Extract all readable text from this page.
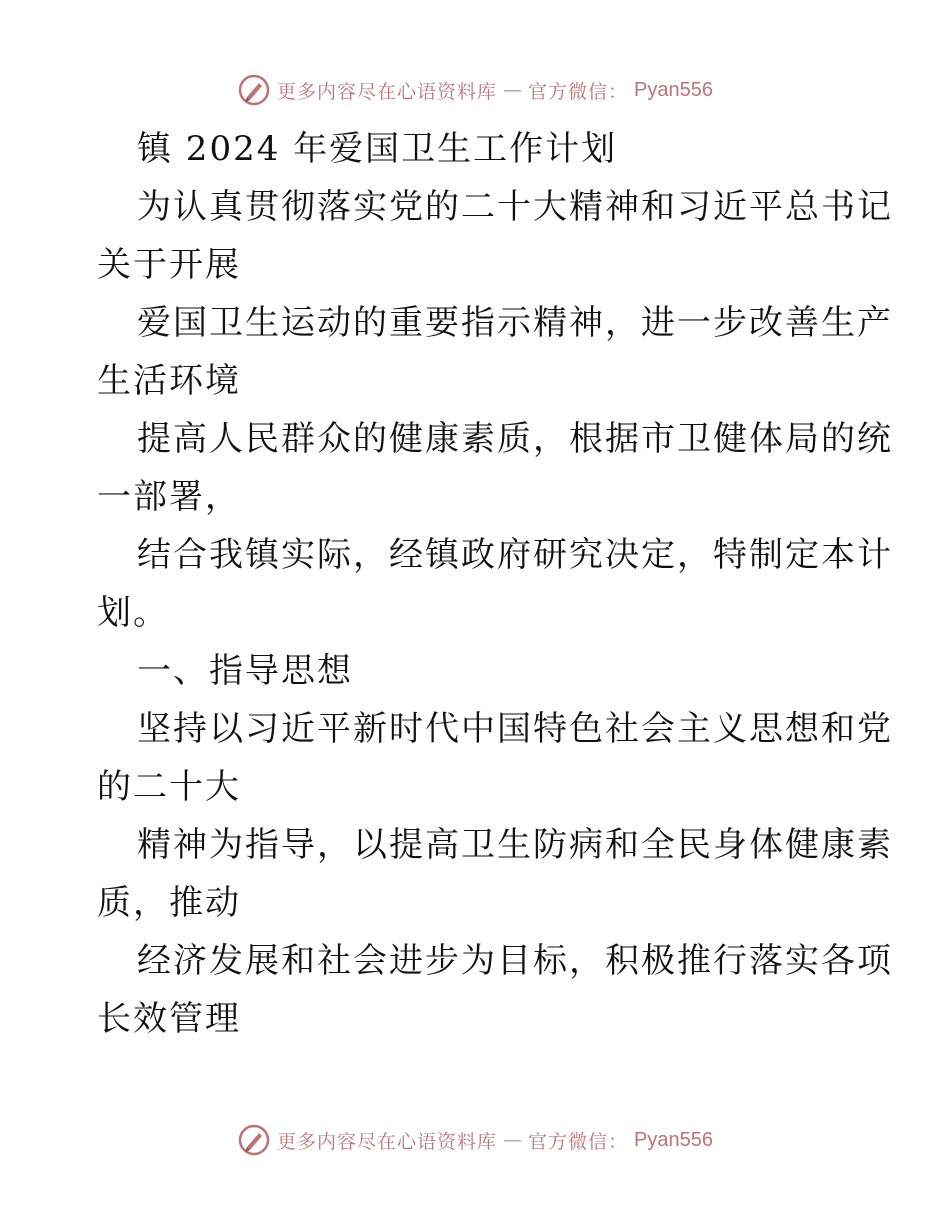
更多内容尽在心语资料库 — 官方微信： Pyan556
镇 2024 年爱国卫生工作计划
为认真贯彻落实党的二十大精神和习近平总书记
关于开展
爱国卫生运动的重要指示精神，进一步改善生产
生活环境
提高人民群众的健康素质，根据市卫健体局的统
一部署，
结合我镇实际，经镇政府研究决定，特制定本计
划。
一、指导思想
坚持以习近平新时代中国特色社会主义思想和党
的二十大
精神为指导，以提高卫生防病和全民身体健康素
质，推动
经济发展和社会进步为目标，积极推行落实各项
长效管理
更多内容尽在心语资料库 — 官方微信： Pyan556
